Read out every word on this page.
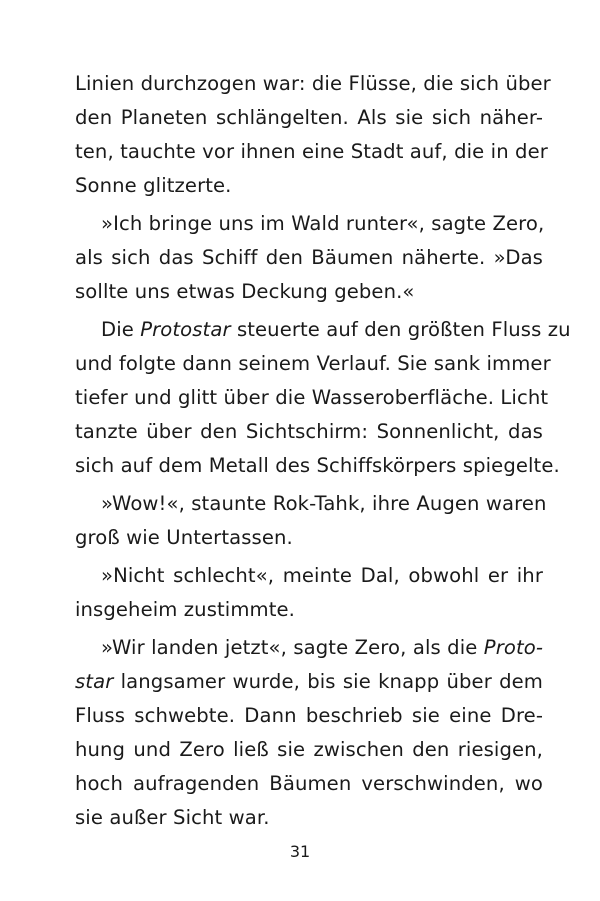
Linien durchzogen war: die Flüsse, die sich über
den Planeten schlängelten. Als sie sich näher-
ten, tauchte vor ihnen eine Stadt auf, die in der
Sonne glitzerte.
»Ich bringe uns im Wald runter«, sagte Zero,
als sich das Schiff den Bäumen näherte. »Das
sollte uns etwas Deckung geben.«
Die Protostar steuerte auf den größten Fluss zu
und folgte dann seinem Verlauf. Sie sank immer
tiefer und glitt über die Wasseroberfläche. Licht
tanzte über den Sichtschirm: Sonnenlicht, das
sich auf dem Metall des Schiffskörpers spiegelte.
»Wow!«, staunte Rok-Tahk, ihre Augen waren
groß wie Untertassen.
»Nicht schlecht«, meinte Dal, obwohl er ihr
insgeheim zustimmte.
»Wir landen jetzt«, sagte Zero, als die Proto-
star langsamer wurde, bis sie knapp über dem
Fluss schwebte. Dann beschrieb sie eine Dre-
hung und Zero ließ sie zwischen den riesigen,
hoch aufragenden Bäumen verschwinden, wo
sie außer Sicht war.
31
